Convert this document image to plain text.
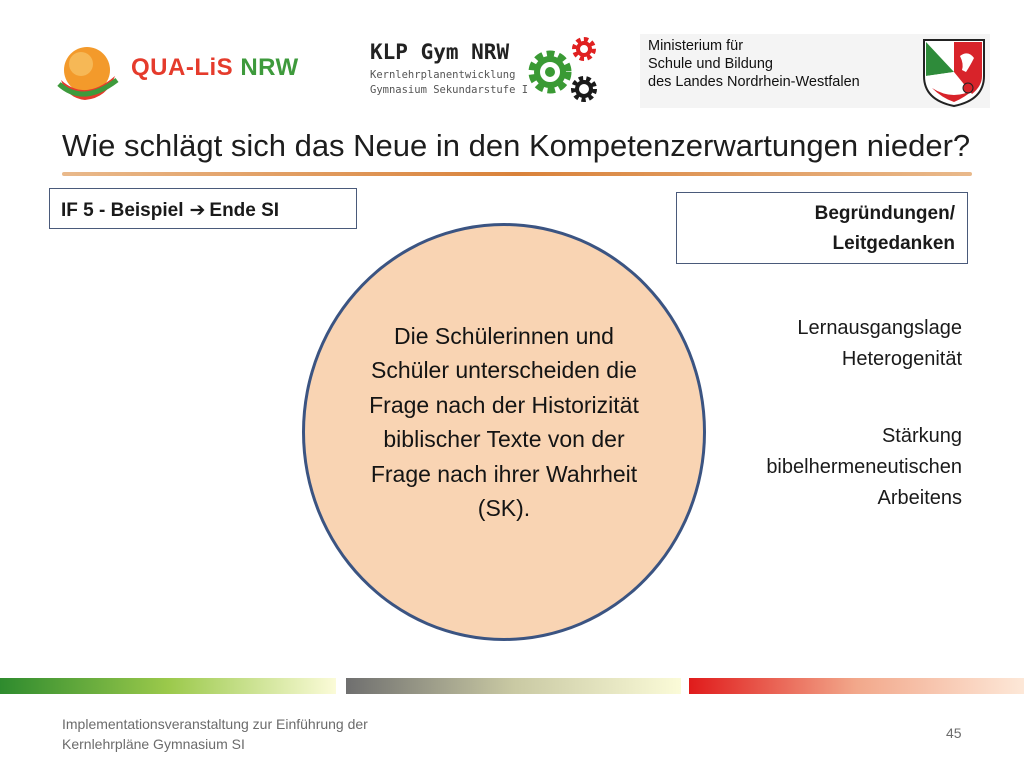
QUA-LiS NRW
KLP Gym NRW
Kernlehrplanentwicklung
Gymnasium Sekundarstufe I
Ministerium für
Schule und Bildung
des Landes Nordrhein-Westfalen
Wie schlägt sich das Neue in den Kompetenzerwartungen nieder?
IF 5 - Beispiel ➔ Ende SI	Begründungen/
Leitgedanken
Die Schülerinnen und Schüler unterscheiden die Frage nach der Historizität biblischer Texte von der Frage nach ihrer Wahrheit (SK).
Lernausgangslage
Heterogenität
Stärkung
bibelhermeneutischen
Arbeitens
Implementationsveranstaltung zur Einführung der
Kernlehrpläne Gymnasium SI
45
